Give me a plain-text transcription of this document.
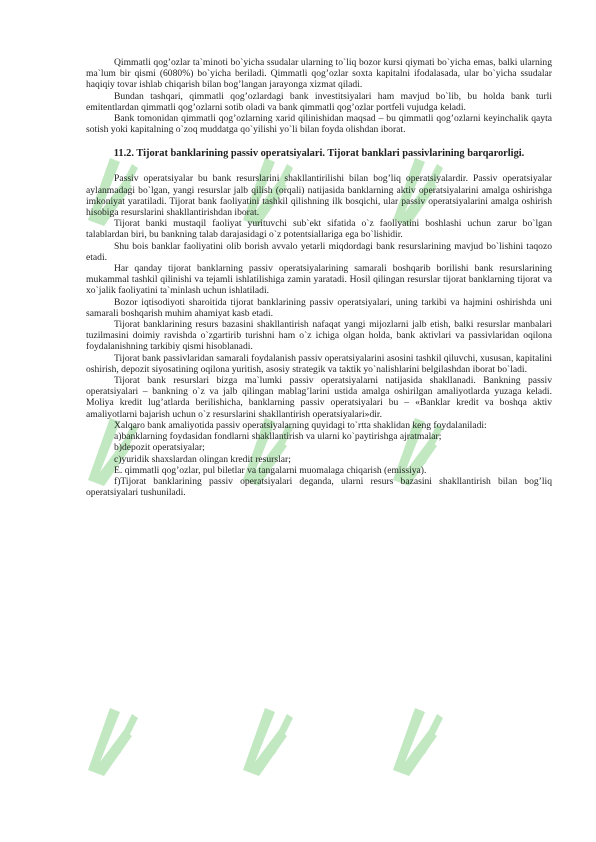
Qimmatli qog’ozlar ta`minoti bo`yicha ssudalar ularning to`liq bozor kursi qiymati bo`yicha emas, balki ularning ma`lum bir qismi (6080%) bo`yicha beriladi. Qimmatli qog’ozlar soxta kapitalni ifodalasada, ular bo`yicha ssudalar haqiqiy tovar ishlab chiqarish bilan bog’langan jarayonga xizmat qiladi.

Bundan tashqari, qimmatli qog’ozlardagi bank investitsiyalari ham mavjud bo`lib, bu holda bank turli emitentlardan qimmatli qog’ozlarni sotib oladi va bank qimmatli qog’ozlar portfeli vujudga keladi.

Bank tomonidan qimmatli qog’ozlarning xarid qilinishidan maqsad – bu qimmatli qog’ozlarni keyinchalik qayta sotish yoki kapitalning o`zoq muddatga qo`yilishi yo`li bilan foyda olishdan iborat.

11.2. Tijorat banklarining passiv operatsiyalari. Tijorat banklari passivlarining barqarorligi.

Passiv operatsiyalar bu bank resurslarini shakllantirilishi bilan bog’liq operatsiyalardir. Passiv operatsiyalar aylanmadagi bo`lgan, yangi resurslar jalb qilish (orqali) natijasida banklarning aktiv operatsiyalarini amalga oshirishga imkoniyat yaratiladi. Tijorat bank faoliyatini tashkil qilishning ilk bosqichi, ular passiv operatsiyalarini amalga oshirish hisobiga resurslarini shakllantirishdan iborat.

Tijorat banki mustaqil faoliyat yurituvchi sub`ekt sifatida o`z faoliyatini boshlashi uchun zarur bo`lgan talablardan biri, bu bankning talab darajasidagi o`z potentsiallariga ega bo`lishidir.

Shu bois banklar faoliyatini olib borish avvalo yetarli miqdordagi bank resurslarining mavjud bo`lishini taqozo etadi.

Har qanday tijorat banklarning passiv operatsiyalarining samarali boshqarib borilishi bank resurslarining mukammal tashkil qilinishi va tejamli ishlatilishiga zamin yaratadi. Hosil qilingan resurslar tijorat banklarning tijorat va xo`jalik faoliyatini ta`minlash uchun ishlatiladi.

Bozor iqtisodiyoti sharoitida tijorat banklarining passiv operatsiyalari, uning tarkibi va hajmini oshirishda uni samarali boshqarish muhim ahamiyat kasb etadi.

Tijorat banklarining resurs bazasini shakllantirish nafaqat yangi mijozlarni jalb etish, balki resurslar manbalari tuzilmasini doimiy ravishda o`zgartirib turishni ham o`z ichiga olgan holda, bank aktivlari va passivlaridan oqilona foydalanishning tarkibiy qismi hisoblanadi.

Tijorat bank passivlaridan samarali foydalanish passiv operatsiyalarini asosini tashkil qiluvchi, xususan, kapitalini oshirish, depozit siyosatining oqilona yuritish, asosiy strategik va taktik yo`nalishlarini belgilashdan iborat bo`ladi.

Tijorat bank resurslari bizga ma`lumki passiv operatsiyalarni natijasida shakllanadi. Bankning passiv operatsiyalari – bankning o`z va jalb qilingan mablag’larini ustida amalga oshirilgan amaliyotlarda yuzaga keladi. Moliya kredit lug’atlarda berilishicha, banklarning passiv operatsiyalari bu – «Banklar kredit va boshqa aktiv amaliyotlarni bajarish uchun o`z resurslarini shakllantirish operatsiyalari»dir.

Xalqaro bank amaliyotida passiv operatsiyalarning quyidagi to`rtta shaklidan keng foydalaniladi:

a)banklarning foydasidan fondlarni shakllantirish va ularni ko`paytirishga ajratmalar;

b)depozit operatsiyalar;

c)yuridik shaxslardan olingan kredit resurslar;

E. qimmatli qog’ozlar, pul biletlar va tangalarni muomalaga chiqarish (emissiya).

f)Tijorat banklarining passiv operatsiyalari deganda, ularni resurs bazasini shakllantirish bilan bog’liq operatsiyalari tushuniladi.
